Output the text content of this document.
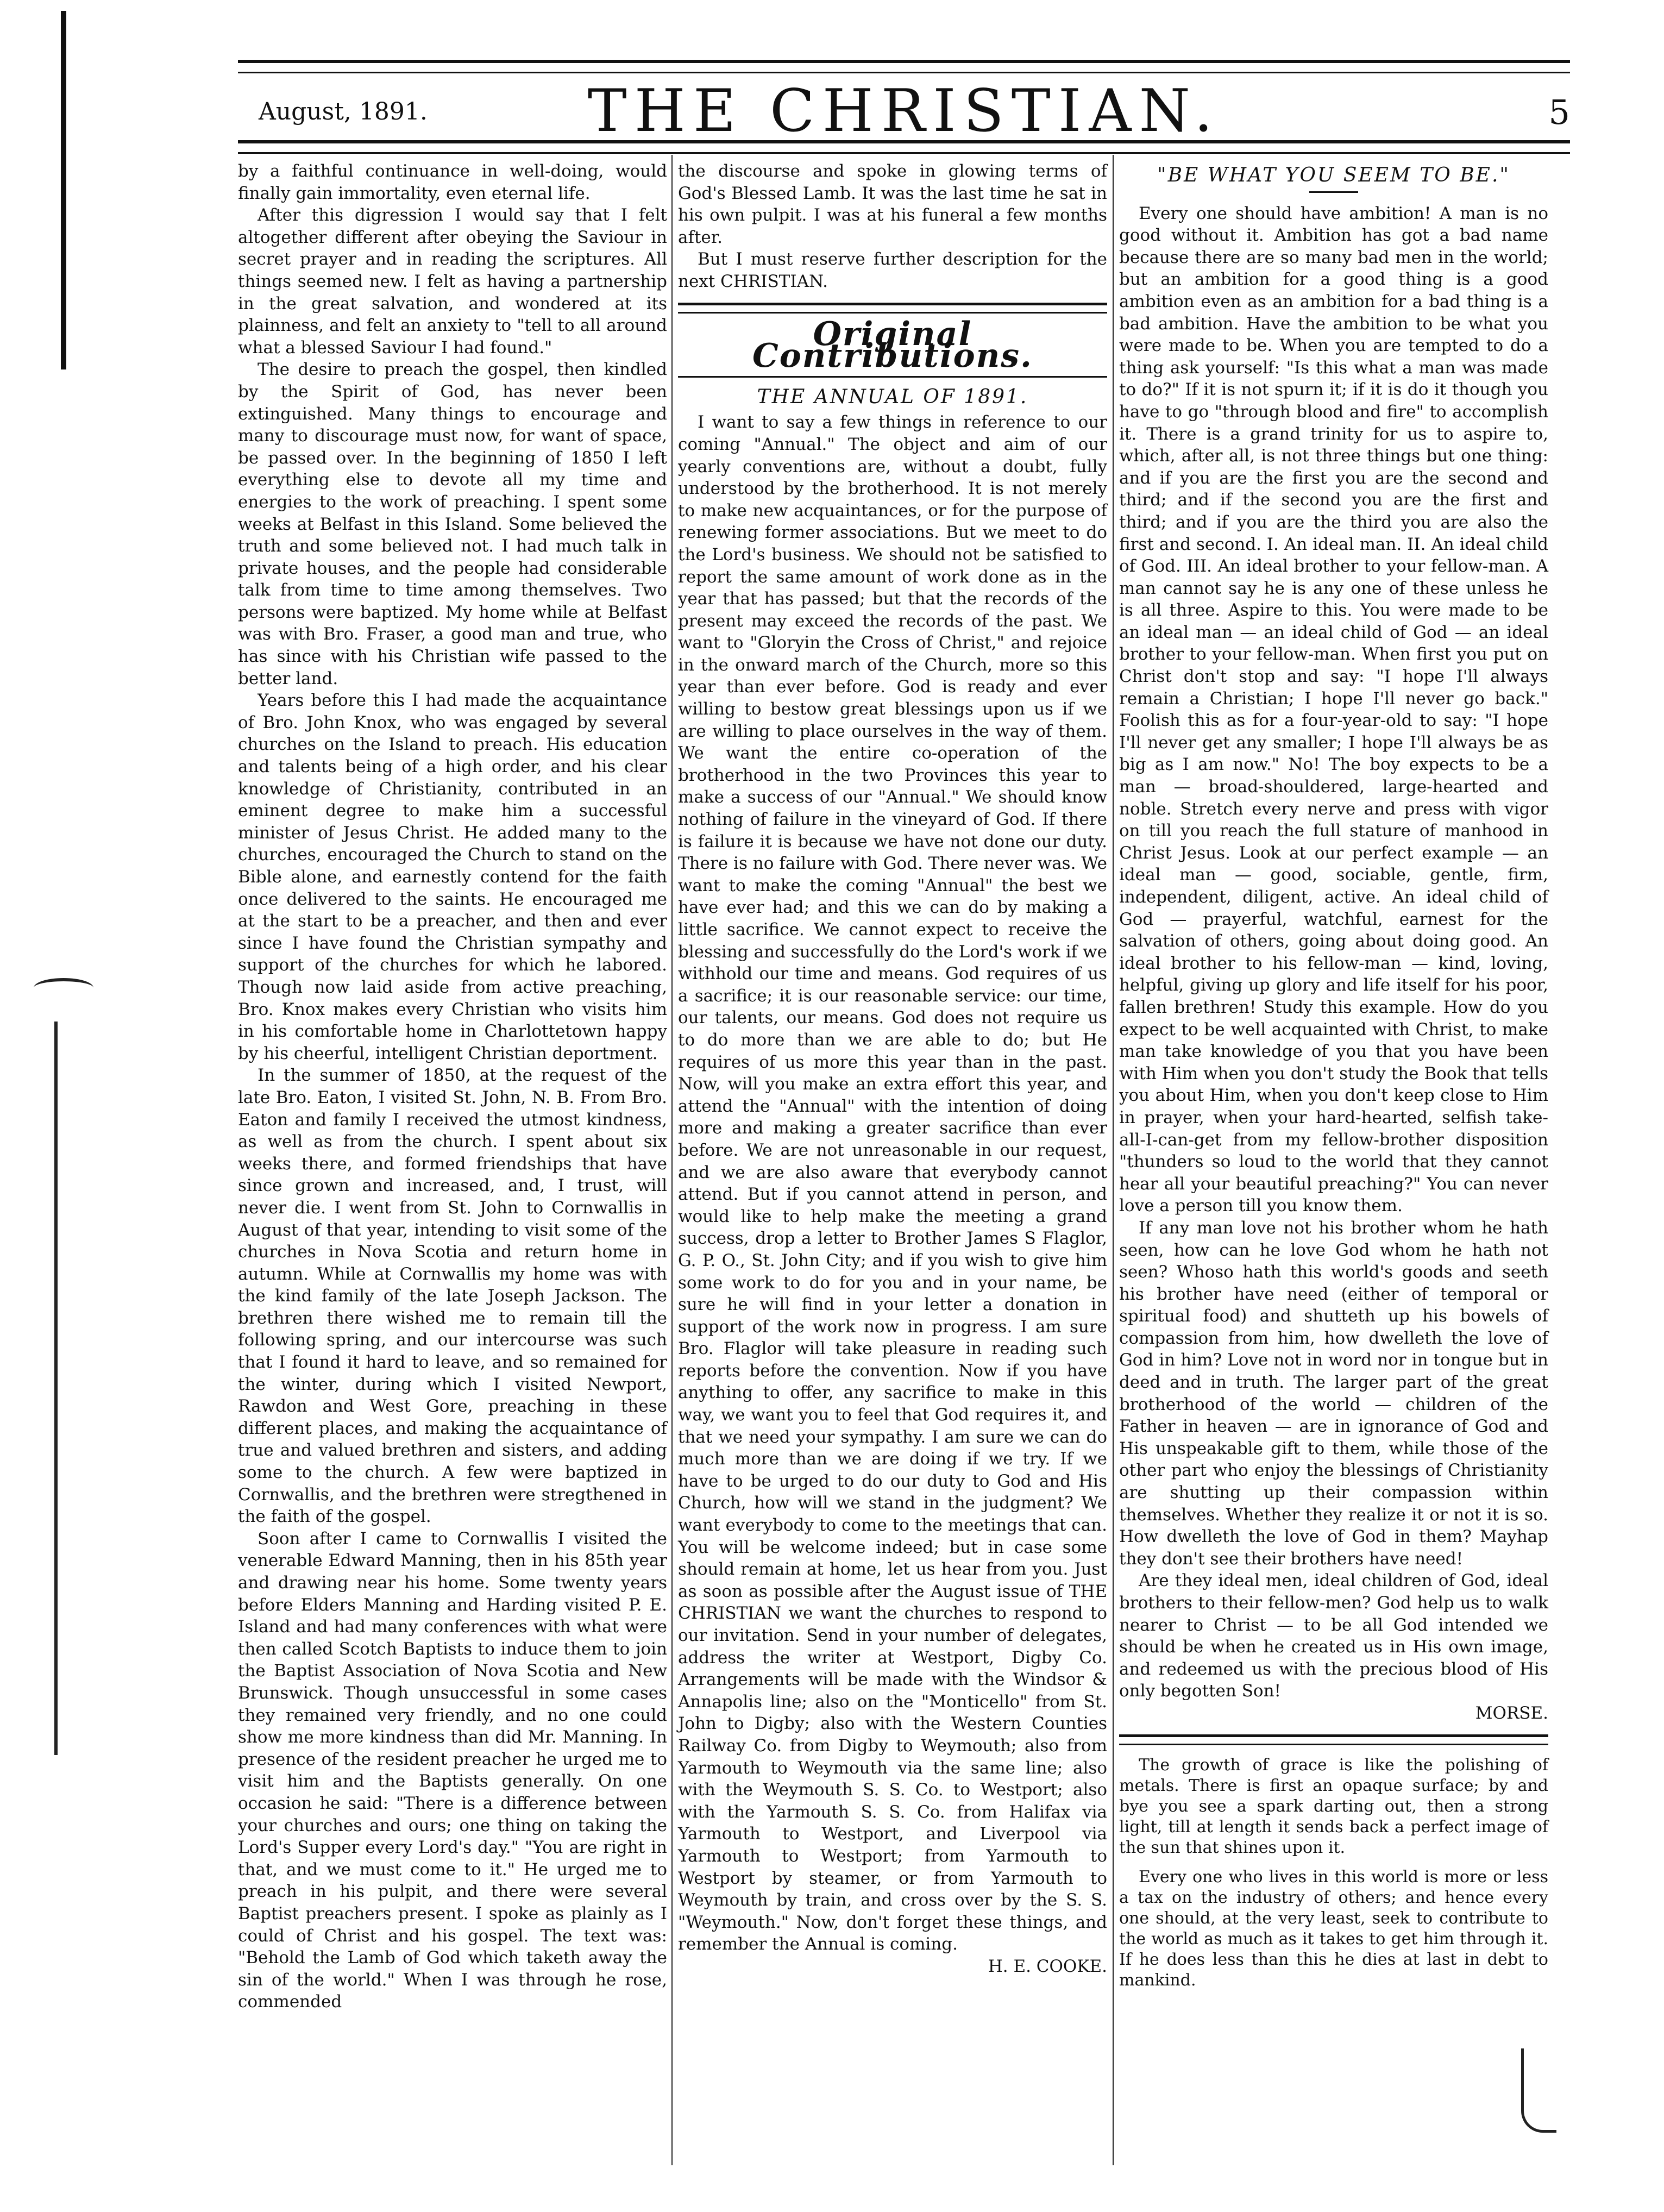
August, 1891.	THE CHRISTIAN.	5

by a faithful continuance in well-doing, would finally gain immortality, even eternal life.

After this digression I would say that I felt altogether different after obeying the Saviour in secret prayer and in reading the scriptures. All things seemed new. I felt as having a partnership in the great salvation, and wondered at its plainness, and felt an anxiety to "tell to all around what a blessed Saviour I had found."

The desire to preach the gospel, then kindled by the Spirit of God, has never been extinguished. Many things to encourage and many to discourage must now, for want of space, be passed over. In the beginning of 1850 I left everything else to devote all my time and energies to the work of preaching. I spent some weeks at Belfast in this Island. Some believed the truth and some believed not. I had much talk in private houses, and the people had considerable talk from time to time among themselves. Two persons were baptized. My home while at Belfast was with Bro. Fraser, a good man and true, who has since with his Christian wife passed to the better land.

Years before this I had made the acquaintance of Bro. John Knox, who was engaged by several churches on the Island to preach. His education and talents being of a high order, and his clear knowledge of Christianity, contributed in an eminent degree to make him a successful minister of Jesus Christ. He added many to the churches, encouraged the Church to stand on the Bible alone, and earnestly contend for the faith once delivered to the saints. He encouraged me at the start to be a preacher, and then and ever since I have found the Christian sympathy and support of the churches for which he labored. Though now laid aside from active preaching, Bro. Knox makes every Christian who visits him in his comfortable home in Charlottetown happy by his cheerful, intelligent Christian deportment.

In the summer of 1850, at the request of the late Bro. Eaton, I visited St. John, N. B. From Bro. Eaton and family I received the utmost kindness, as well as from the church. I spent about six weeks there, and formed friendships that have since grown and increased, and, I trust, will never die. I went from St. John to Cornwallis in August of that year, intending to visit some of the churches in Nova Scotia and return home in autumn. While at Cornwallis my home was with the kind family of the late Joseph Jackson. The brethren there wished me to remain till the following spring, and our intercourse was such that I found it hard to leave, and so remained for the winter, during which I visited Newport, Rawdon and West Gore, preaching in these different places, and making the acquaintance of true and valued brethren and sisters, and adding some to the church. A few were baptized in Cornwallis, and the brethren were stregthened in the faith of the gospel.

Soon after I came to Cornwallis I visited the venerable Edward Manning, then in his 85th year and drawing near his home. Some twenty years before Elders Manning and Harding visited P. E. Island and had many conferences with what were then called Scotch Baptists to induce them to join the Baptist Association of Nova Scotia and New Brunswick. Though unsuccessful in some cases they remained very friendly, and no one could show me more kindness than did Mr. Manning. In presence of the resident preacher he urged me to visit him and the Baptists generally. On one occasion he said: "There is a difference between your churches and ours; one thing on taking the Lord's Supper every Lord's day." "You are right in that, and we must come to it." He urged me to preach in his pulpit, and there were several Baptist preachers present. I spoke as plainly as I could of Christ and his gospel. The text was: "Behold the Lamb of God which taketh away the sin of the world." When I was through he rose, commended

the discourse and spoke in glowing terms of God's Blessed Lamb. It was the last time he sat in his own pulpit. I was at his funeral a few months after.

But I must reserve further description for the next CHRISTIAN.

Original Contributions.
THE ANNUAL OF 1891.

I want to say a few things in reference to our coming "Annual." The object and aim of our yearly conventions are, without a doubt, fully understood by the brotherhood. It is not merely to make new acquaintances, or for the purpose of renewing former associations. But we meet to do the Lord's business. We should not be satisfied to report the same amount of work done as in the year that has passed; but that the records of the present may exceed the records of the past. We want to "Gloryin the Cross of Christ," and rejoice in the onward march of the Church, more so this year than ever before. God is ready and ever willing to bestow great blessings upon us if we are willing to place ourselves in the way of them. We want the entire co-operation of the brotherhood in the two Provinces this year to make a success of our "Annual." We should know nothing of failure in the vineyard of God. If there is failure it is because we have not done our duty. There is no failure with God. There never was. We want to make the coming "Annual" the best we have ever had; and this we can do by making a little sacrifice. We cannot expect to receive the blessing and successfully do the Lord's work if we withhold our time and means. God requires of us a sacrifice; it is our reasonable service: our time, our talents, our means. God does not require us to do more than we are able to do; but He requires of us more this year than in the past. Now, will you make an extra effort this year, and attend the "Annual" with the intention of doing more and making a greater sacrifice than ever before. We are not unreasonable in our request, and we are also aware that everybody cannot attend. But if you cannot attend in person, and would like to help make the meeting a grand success, drop a letter to Brother James S Flaglor, G. P. O., St. John City; and if you wish to give him some work to do for you and in your name, be sure he will find in your letter a donation in support of the work now in progress. I am sure Bro. Flaglor will take pleasure in reading such reports before the convention. Now if you have anything to offer, any sacrifice to make in this way, we want you to feel that God requires it, and that we need your sympathy. I am sure we can do much more than we are doing if we try. If we have to be urged to do our duty to God and His Church, how will we stand in the judgment? We want everybody to come to the meetings that can. You will be welcome indeed; but in case some should remain at home, let us hear from you. Just as soon as possible after the August issue of THE CHRISTIAN we want the churches to respond to our invitation. Send in your number of delegates, address the writer at Westport, Digby Co. Arrangements will be made with the Windsor & Annapolis line; also on the "Monticello" from St. John to Digby; also with the Western Counties Railway Co. from Digby to Weymouth; also from Yarmouth to Weymouth via the same line; also with the Weymouth S. S. Co. to Westport; also with the Yarmouth S. S. Co. from Halifax via Yarmouth to Westport, and Liverpool via Yarmouth to Westport; from Yarmouth to Westport by steamer, or from Yarmouth to Weymouth by train, and cross over by the S. S. "Weymouth." Now, don't forget these things, and remember the Annual is coming.

H. E. COOKE.

"BE WHAT YOU SEEM TO BE."

Every one should have ambition! A man is no good without it. Ambition has got a bad name because there are so many bad men in the world; but an ambition for a good thing is a good ambition even as an ambition for a bad thing is a bad ambition. Have the ambition to be what you were made to be. When you are tempted to do a thing ask yourself: "Is this what a man was made to do?" If it is not spurn it; if it is do it though you have to go "through blood and fire" to accomplish it. There is a grand trinity for us to aspire to, which, after all, is not three things but one thing: and if you are the first you are the second and third; and if the second you are the first and third; and if you are the third you are also the first and second. I. An ideal man. II. An ideal child of God. III. An ideal brother to your fellow-man. A man cannot say he is any one of these unless he is all three. Aspire to this. You were made to be an ideal man — an ideal child of God — an ideal brother to your fellow-man. When first you put on Christ don't stop and say: "I hope I'll always remain a Christian; I hope I'll never go back." Foolish this as for a four-year-old to say: "I hope I'll never get any smaller; I hope I'll always be as big as I am now." No! The boy expects to be a man — broad-shouldered, large-hearted and noble. Stretch every nerve and press with vigor on till you reach the full stature of manhood in Christ Jesus. Look at our perfect example — an ideal man — good, sociable, gentle, firm, independent, diligent, active. An ideal child of God — prayerful, watchful, earnest for the salvation of others, going about doing good. An ideal brother to his fellow-man — kind, loving, helpful, giving up glory and life itself for his poor, fallen brethren! Study this example. How do you expect to be well acquainted with Christ, to make man take knowledge of you that you have been with Him when you don't study the Book that tells you about Him, when you don't keep close to Him in prayer, when your hard-hearted, selfish take-all-I-can-get from my fellow-brother disposition "thunders so loud to the world that they cannot hear all your beautiful preaching?" You can never love a person till you know them.

If any man love not his brother whom he hath seen, how can he love God whom he hath not seen? Whoso hath this world's goods and seeth his brother have need (either of temporal or spiritual food) and shutteth up his bowels of compassion from him, how dwelleth the love of God in him? Love not in word nor in tongue but in deed and in truth. The larger part of the great brotherhood of the world — children of the Father in heaven — are in ignorance of God and His unspeakable gift to them, while those of the other part who enjoy the blessings of Christianity are shutting up their compassion within themselves. Whether they realize it or not it is so. How dwelleth the love of God in them? Mayhap they don't see their brothers have need!

Are they ideal men, ideal children of God, ideal brothers to their fellow-men? God help us to walk nearer to Christ — to be all God intended we should be when he created us in His own image, and redeemed us with the precious blood of His only begotten Son!

MORSE.

The growth of grace is like the polishing of metals. There is first an opaque surface; by and bye you see a spark darting out, then a strong light, till at length it sends back a perfect image of the sun that shines upon it.

Every one who lives in this world is more or less a tax on the industry of others; and hence every one should, at the very least, seek to contribute to the world as much as it takes to get him through it. If he does less than this he dies at last in debt to mankind.
